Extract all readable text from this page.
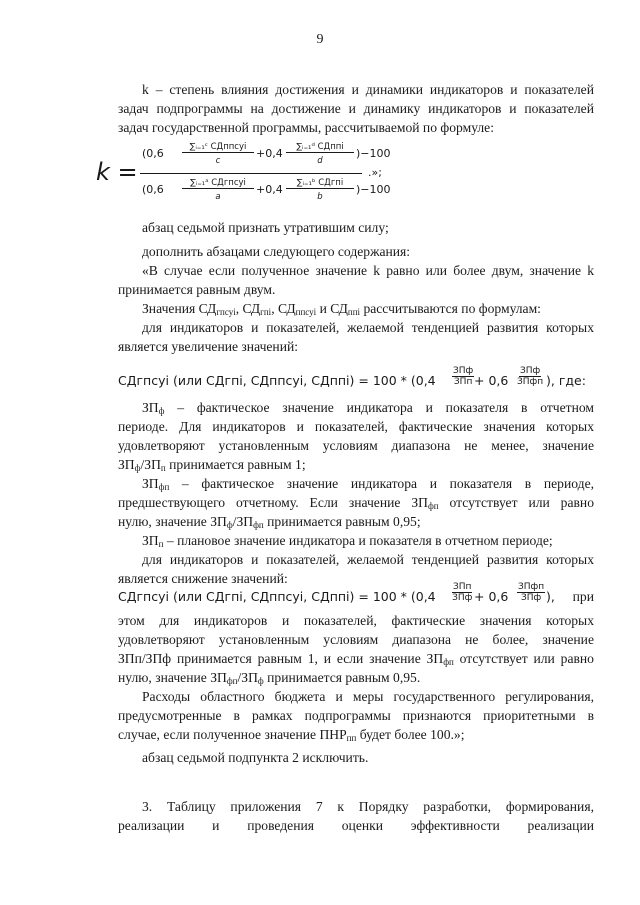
9
k – степень влияния достижения и динамики индикаторов и показателей
задач подпрограммы на достижение и динамику индикаторов и показателей
задач государственной программы, рассчитываемой по формуле:
k =
(0,6	∑ᵢ₌₁ᶜ СДппсуi
c
+0,4	∑ᵢ₌₁ᵈ СДппi
d
)−100
(0,6	∑ᵢ₌₁ᵃ СДгпсуi
a
+0,4	∑ᵢ₌₁ᵇ СДгпi
b
)−100
.»;
абзац седьмой признать утратившим силу;
дополнить абзацами следующего содержания:
«В случае если полученное значение k равно или более двум, значение k
принимается равным двум.
Значения $СД_{гпсуi}$, $СД_{гпi}$, $СД_{ппсуi}$ и $СД_{ппi}$ рассчитываются по формулам:
для индикаторов и показателей, желаемой тенденцией развития которых
является увеличение значений:
СДгпсуi (или СДгпi, СДппсуi, СДппi) = 100 * (0,4
ЗПф
ЗПп + 0,6
ЗПф
ЗПфп ), где:
$ЗП_ф$ – фактическое значение индикатора и показателя в отчетном
периоде. Для индикаторов и показателей, фактические значения которых
удовлетворяют установленным условиям диапазона не менее, значение
$ЗП_ф/ЗП_п$ принимается равным 1;
$ЗП_{фп}$ – фактическое значение индикатора и показателя в периоде,
предшествующего отчетному. Если значение $ЗП_{фп}$ отсутствует или равно
нулю, значение $ЗП_ф/ЗП_{фп}$ принимается равным 0,95;
$ЗП_п$ – плановое значение индикатора и показателя в отчетном периоде;
для индикаторов и показателей, желаемой тенденцией развития которых
является снижение значений:
СДгпсуi (или СДгпi, СДппсуi, СДппi) = 100 * (0,4
ЗПп
ЗПф + 0,6
ЗПфп
ЗПф ), при
этом для индикаторов и показателей, фактические значения которых
удовлетворяют установленным условиям диапазона не более, значение
ЗПп/ЗПф принимается равным 1, и если значение $ЗП_{фп}$ отсутствует или равно
нулю, значение $ЗП_{фп}/ЗП_ф$ принимается равным 0,95.
Расходы областного бюджета и меры государственного регулирования,
предусмотренные в рамках подпрограммы признаются приоритетными в
случае, если полученное значение $ПНР_{пп}$ будет более 100.»;
абзац седьмой подпункта 2 исключить.
3. Таблицу приложения 7 к Порядку разработки, формирования,
реализации и проведения оценки эффективности реализации
